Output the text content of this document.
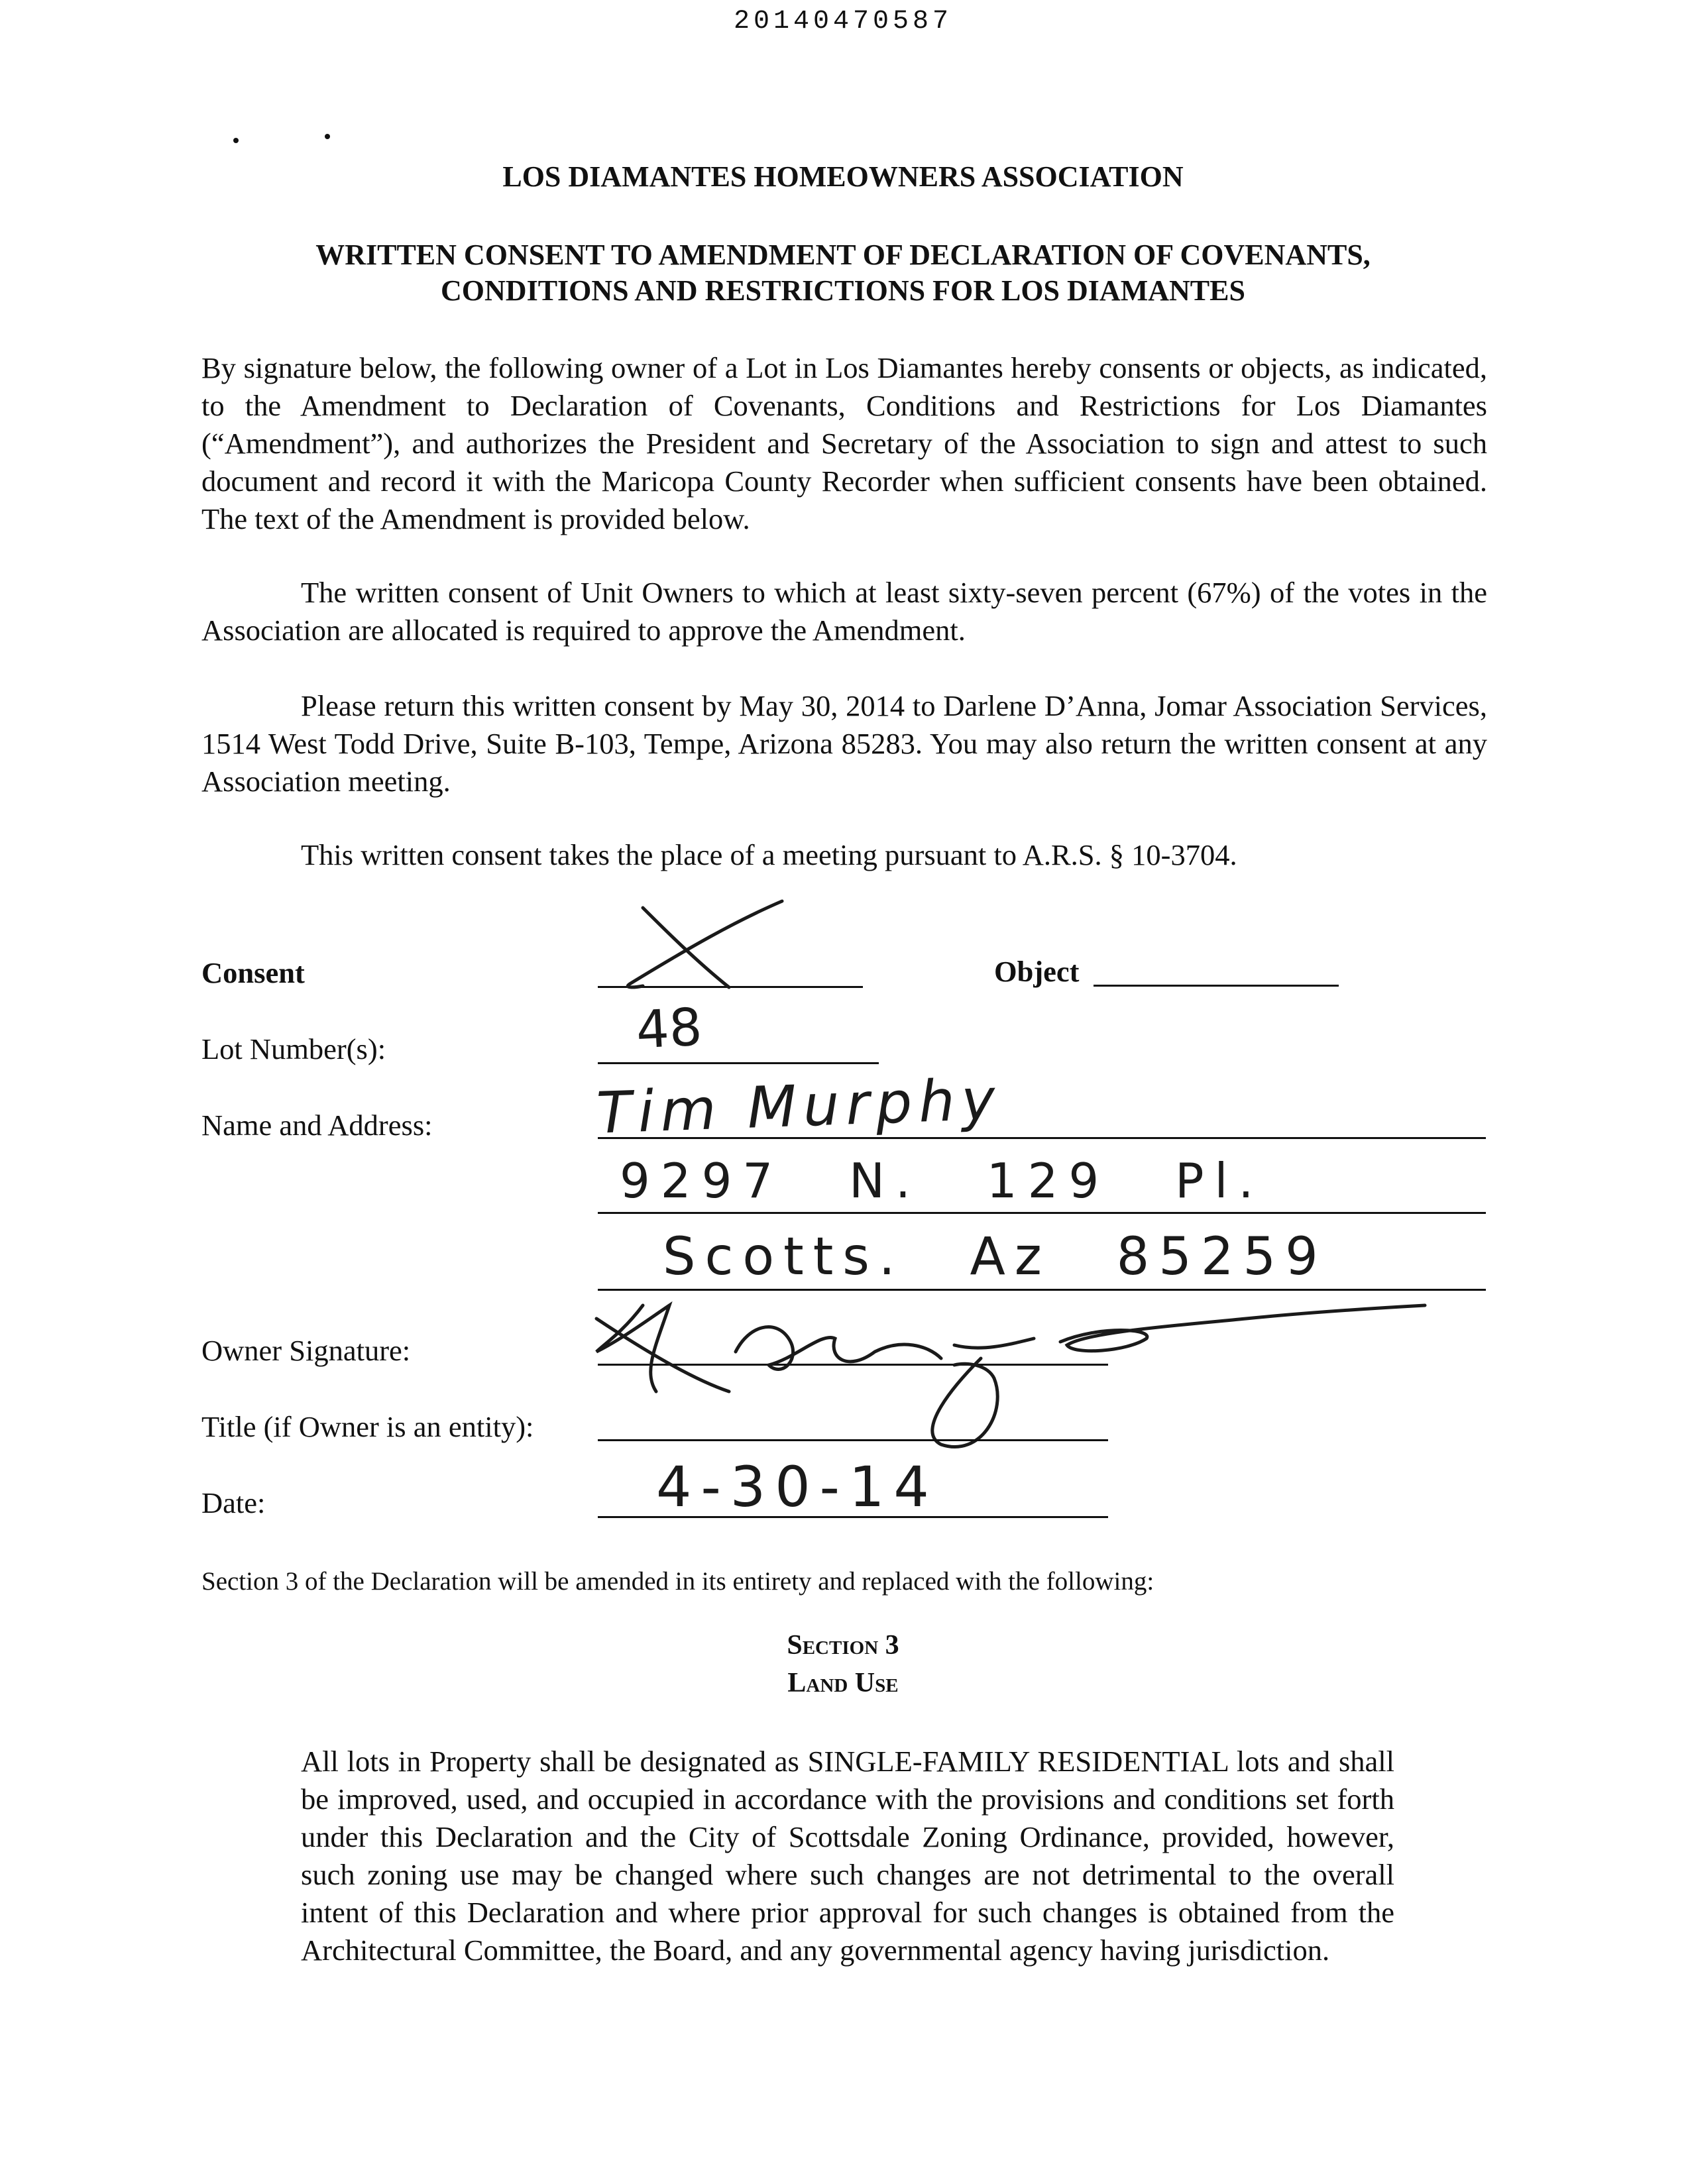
20140470587
LOS DIAMANTES HOMEOWNERS ASSOCIATION
WRITTEN CONSENT TO AMENDMENT OF DECLARATION OF COVENANTS,
CONDITIONS AND RESTRICTIONS FOR LOS DIAMANTES
By signature below, the following owner of a Lot in Los Diamantes hereby consents or objects, as indicated, to the Amendment to Declaration of Covenants, Conditions and Restrictions for Los Diamantes (“Amendment”), and authorizes the President and Secretary of the Association to sign and attest to such document and record it with the Maricopa County Recorder when sufficient consents have been obtained. The text of the Amendment is provided below.
The written consent of Unit Owners to which at least sixty-seven percent (67%) of the votes in the Association are allocated is required to approve the Amendment.
Please return this written consent by May 30, 2014 to Darlene D’Anna, Jomar Association Services, 1514 West Todd Drive, Suite B-103, Tempe, Arizona 85283. You may also return the written consent at any Association meeting.
This written consent takes the place of a meeting pursuant to A.R.S. § 10-3704.
Consent	Object
Lot Number(s):	48
Name and Address:	Tim Murphy
9297 N. 129 Pl.
Scotts. Az 85259
Owner Signature:
Title (if Owner is an entity):
Date:	4-30-14
Section 3 of the Declaration will be amended in its entirety and replaced with the following:
Section 3
Land Use
All lots in Property shall be designated as SINGLE-FAMILY RESIDENTIAL lots and shall be improved, used, and occupied in accordance with the provisions and conditions set forth under this Declaration and the City of Scottsdale Zoning Ordinance, provided, however, such zoning use may be changed where such changes are not detrimental to the overall intent of this Declaration and where prior approval for such changes is obtained from the Architectural Committee, the Board, and any governmental agency having jurisdiction.
